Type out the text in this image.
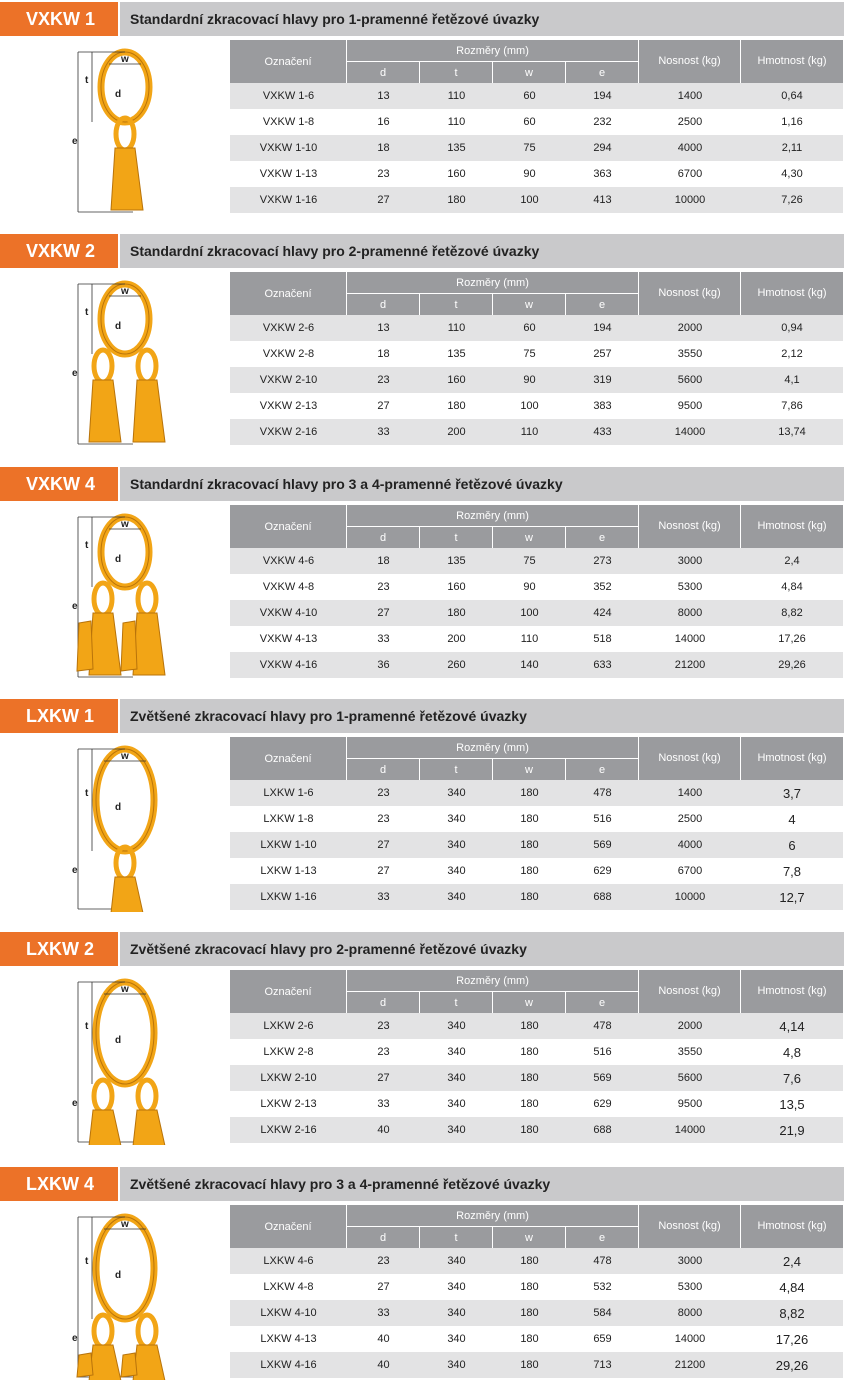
VXKW 1	Standardní zkracovací hlavy pro 1-pramenné řetězové úvazky
w
t
d
e
Označení	Rozměry (mm)				Nosnost (kg)	Hmotnost (kg)
	d	t	w	e		
VXKW 1-6	13	110	60	194	1400	0,64
VXKW 1-8	16	110	60	232	2500	1,16
VXKW 1-10	18	135	75	294	4000	2,11
VXKW 1-13	23	160	90	363	6700	4,30
VXKW 1-16	27	180	100	413	10000	7,26
VXKW 2	Standardní zkracovací hlavy pro 2-pramenné řetězové úvazky
w
t
d
e
Označení	Rozměry (mm)				Nosnost (kg)	Hmotnost (kg)
	d	t	w	e		
VXKW 2-6	13	110	60	194	2000	0,94
VXKW 2-8	18	135	75	257	3550	2,12
VXKW 2-10	23	160	90	319	5600	4,1
VXKW 2-13	27	180	100	383	9500	7,86
VXKW 2-16	33	200	110	433	14000	13,74
VXKW 4	Standardní zkracovací hlavy pro 3 a 4-pramenné řetězové úvazky
w
t
d
e
Označení	Rozměry (mm)				Nosnost (kg)	Hmotnost (kg)
	d	t	w	e		
VXKW 4-6	18	135	75	273	3000	2,4
VXKW 4-8	23	160	90	352	5300	4,84
VXKW 4-10	27	180	100	424	8000	8,82
VXKW 4-13	33	200	110	518	14000	17,26
VXKW 4-16	36	260	140	633	21200	29,26
LXKW 1	Zvětšené zkracovací hlavy pro 1-pramenné řetězové úvazky
w
t
d
e
Označení	Rozměry (mm)				Nosnost (kg)	Hmotnost (kg)
	d	t	w	e		
LXKW 1-6	23	340	180	478	1400	3,7
LXKW 1-8	23	340	180	516	2500	4
LXKW 1-10	27	340	180	569	4000	6
LXKW 1-13	27	340	180	629	6700	7,8
LXKW 1-16	33	340	180	688	10000	12,7
LXKW 2	Zvětšené zkracovací hlavy pro 2-pramenné řetězové úvazky
w
t
d
e
Označení	Rozměry (mm)				Nosnost (kg)	Hmotnost (kg)
	d	t	w	e		
LXKW 2-6	23	340	180	478	2000	4,14
LXKW 2-8	23	340	180	516	3550	4,8
LXKW 2-10	27	340	180	569	5600	7,6
LXKW 2-13	33	340	180	629	9500	13,5
LXKW 2-16	40	340	180	688	14000	21,9
LXKW 4	Zvětšené zkracovací hlavy pro 3 a 4-pramenné řetězové úvazky
w
t
d
e
Označení	Rozměry (mm)				Nosnost (kg)	Hmotnost (kg)
	d	t	w	e		
LXKW 4-6	23	340	180	478	3000	2,4
LXKW 4-8	27	340	180	532	5300	4,84
LXKW 4-10	33	340	180	584	8000	8,82
LXKW 4-13	40	340	180	659	14000	17,26
LXKW 4-16	40	340	180	713	21200	29,26
